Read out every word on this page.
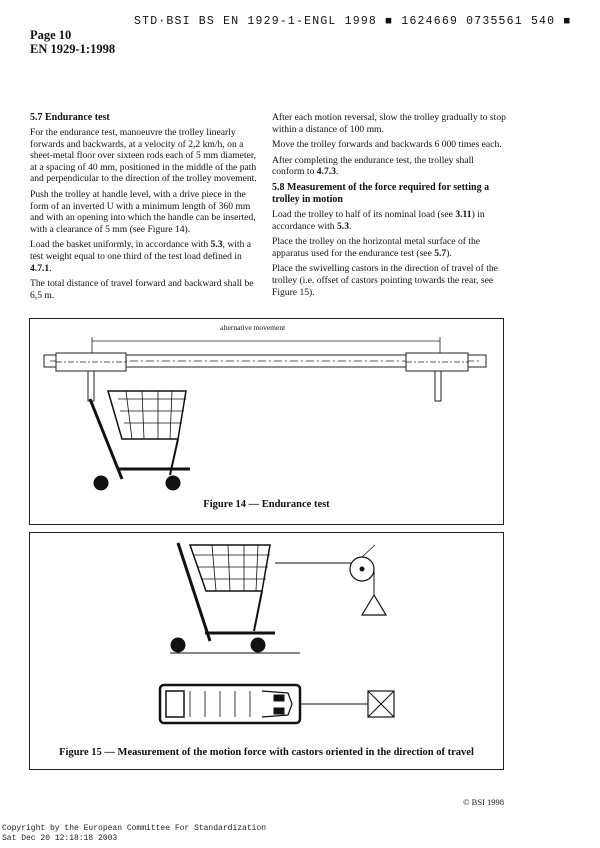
STD·BSI BS EN 1929-1-ENGL 1998 ■ 1624669 0735561 540 ■
Page 10
EN 1929-1:1998
5.7 Endurance test

For the endurance test, manoeuvre the trolley linearly forwards and backwards, at a velocity of 2,2 km/h, on a sheet-metal floor over sixteen rods each of 5 mm diameter, at a spacing of 40 mm, positioned in the middle of the path and perpendicular to the direction of the trolley movement.

Push the trolley at handle level, with a drive piece in the form of an inverted U with a minimum length of 360 mm and with an opening into which the handle can be inserted, with a clearance of 5 mm (see Figure 14).

Load the basket uniformly, in accordance with 5.3, with a test weight equal to one third of the test load defined in 4.7.1.

The total distance of travel forward and backward shall be 6,5 m.

After each motion reversal, slow the trolley gradually to stop within a distance of 100 mm.

Move the trolley forwards and backwards 6 000 times each.

After completing the endurance test, the trolley shall conform to 4.7.3.

5.8 Measurement of the force required for setting a trolley in motion

Load the trolley to half of its nominal load (see 3.11) in accordance with 5.3.

Place the trolley on the horizontal metal surface of the apparatus used for the endurance test (see 5.7).

Place the swivelling castors in the direction of travel of the trolley (i.e. offset of castors pointing towards the rear, see Figure 15).

alternative movement
Figure 14 — Endurance test
Figure 15 — Measurement of the motion force with castors oriented in the direction of travel
© BSI 1998
Copyright by the European Committee For Standardization
Sat Dec 20 12:18:18 2003
